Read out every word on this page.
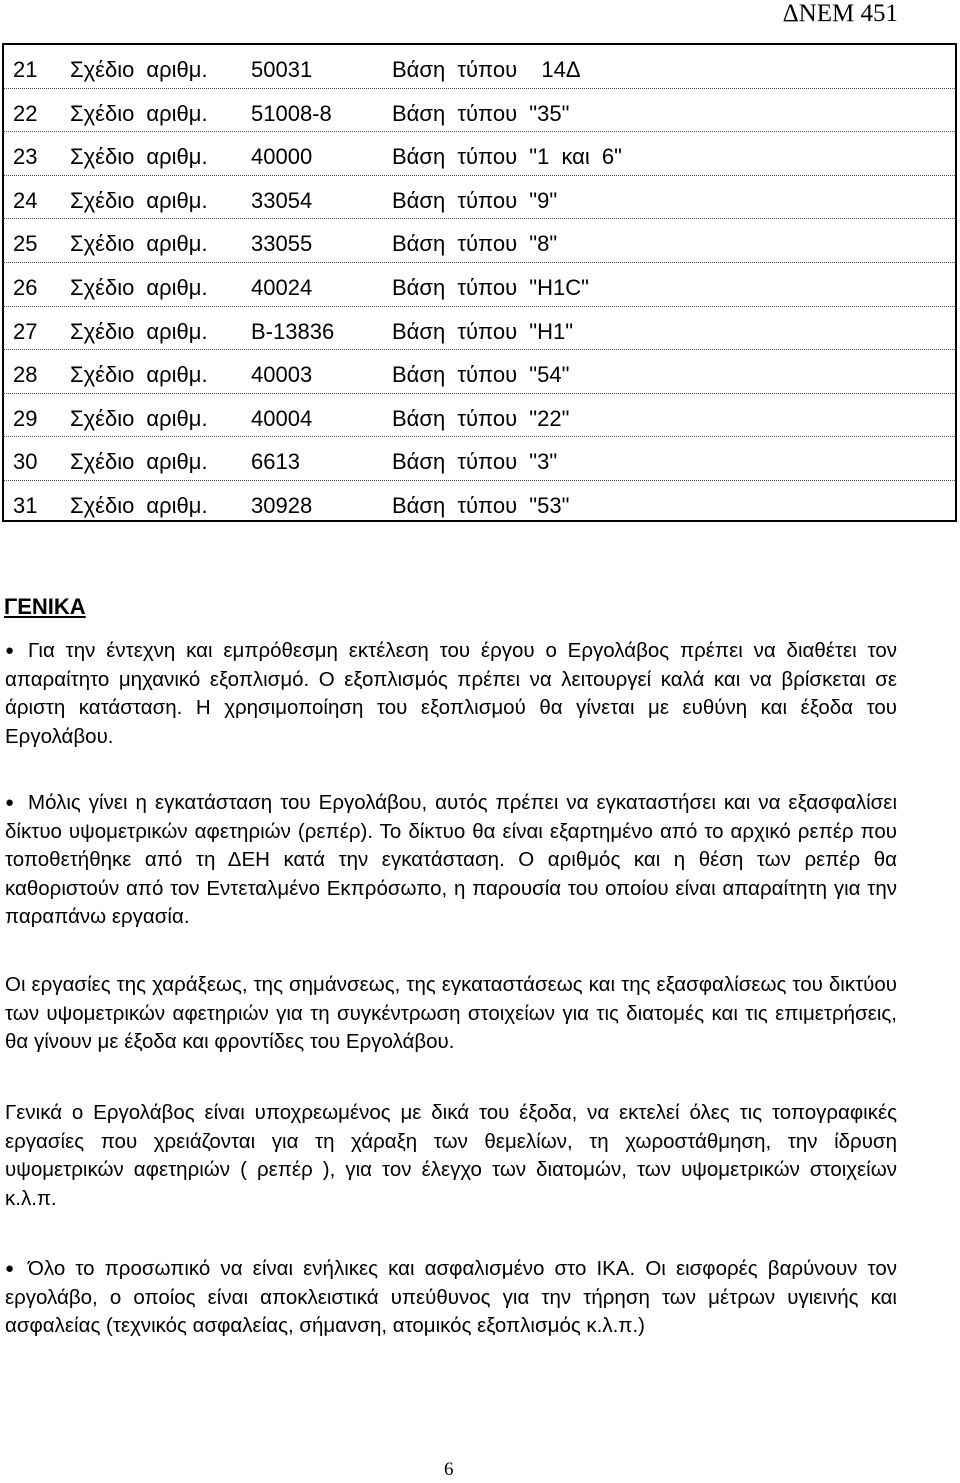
ΔΝΕΜ 451
21 Σχέδιο αριθμ. 50031	Βάση τύπου  14Δ
22 Σχέδιο αριθμ. 51008-8	Βάση τύπου "35"
23 Σχέδιο αριθμ. 40000	Βάση τύπου "1 και 6"
24 Σχέδιο αριθμ. 33054	Βάση τύπου "9"
25 Σχέδιο αριθμ. 33055	Βάση τύπου "8"
26 Σχέδιο αριθμ. 40024	Βάση τύπου "Η1C"
27 Σχέδιο αριθμ. Β-13836	Βάση τύπου "Η1"
28 Σχέδιο αριθμ. 40003	Βάση τύπου "54"
29 Σχέδιο αριθμ. 40004	Βάση τύπου "22"
30 Σχέδιο αριθμ. 6613	Βάση τύπου "3"
31 Σχέδιο αριθμ. 30928	Βάση τύπου "53"
ΓΕΝΙΚΑ

● Για την έντεχνη και εμπρόθεσμη εκτέλεση του έργου ο Εργολάβος πρέπει να διαθέτει τον απαραίτητο μηχανικό εξοπλισμό. Ο εξοπλισμός πρέπει να λειτουργεί καλά και να βρίσκεται σε άριστη κατάσταση. Η χρησιμοποίηση του εξοπλισμού θα γίνεται με ευθύνη και έξοδα του Εργολάβου.

● Μόλις γίνει η εγκατάσταση του Εργολάβου, αυτός πρέπει να εγκαταστήσει και να εξασφαλίσει δίκτυο υψομετρικών αφετηριών (ρεπέρ). Το δίκτυο θα είναι εξαρτημένο από το αρχικό ρεπέρ που τοποθετήθηκε από τη ΔΕΗ κατά την εγκατάσταση. Ο αριθμός και η θέση των ρεπέρ θα καθοριστούν από τον Εντεταλμένο Εκπρόσωπο, η παρουσία του οποίου είναι απαραίτητη για την παραπάνω εργασία.

Οι εργασίες της χαράξεως, της σημάνσεως, της εγκαταστάσεως και της εξασφαλίσεως του δικτύου των υψομετρικών αφετηριών για τη συγκέντρωση στοιχείων για τις διατομές και τις επιμετρήσεις, θα γίνουν με έξοδα και φροντίδες του Εργολάβου.

Γενικά ο Εργολάβος είναι υποχρεωμένος με δικά του έξοδα, να εκτελεί όλες τις τοπογραφικές εργασίες που χρειάζονται για τη χάραξη των θεμελίων, τη χωροστάθμηση, την ίδρυση υψομετρικών αφετηριών ( ρεπέρ ), για τον έλεγχο των διατομών, των υψομετρικών στοιχείων κ.λ.π.

● Όλο το προσωπικό να είναι ενήλικες και ασφαλισμένο στο ΙΚΑ. Οι εισφορές βαρύνουν τον εργολάβο, ο οποίος είναι αποκλειστικά υπεύθυνος για την τήρηση των μέτρων υγιεινής και ασφαλείας (τεχνικός ασφαλείας, σήμανση, ατομικός εξοπλισμός κ.λ.π.)

6
